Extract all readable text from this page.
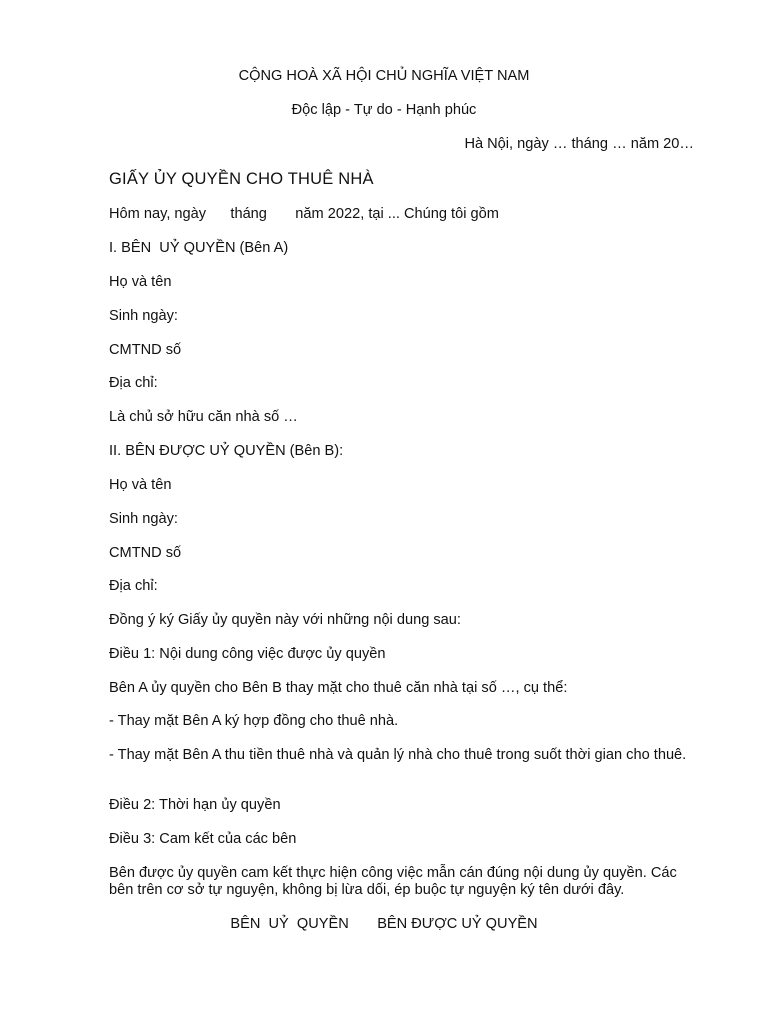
CỘNG HOÀ XÃ HỘI CHỦ NGHĨA VIỆT NAM
Độc lập - Tự do - Hạnh phúc
Hà Nội, ngày … tháng … năm 20…
GIẤY ỦY QUYỀN CHO THUÊ NHÀ
Hôm nay, ngày      tháng       năm 2022, tại ... Chúng tôi gồm
I. BÊN  UỶ QUYỀN (Bên A)
Họ và tên
Sinh ngày:
CMTND số
Địa chỉ:
Là chủ sở hữu căn nhà số …
II. BÊN ĐƯỢC UỶ QUYỀN (Bên B):
Họ và tên
Sinh ngày:
CMTND số
Địa chỉ:
Đồng ý ký Giấy ủy quyền này với những nội dung sau:
Điều 1: Nội dung công việc được ủy quyền
Bên A ủy quyền cho Bên B thay mặt cho thuê căn nhà tại số …, cụ thể:
- Thay mặt Bên A ký hợp đồng cho thuê nhà.
- Thay mặt Bên A thu tiền thuê nhà và quản lý nhà cho thuê trong suốt thời gian cho thuê.
Điều 2: Thời hạn ủy quyền
Điều 3: Cam kết của các bên
Bên được ủy quyền cam kết thực hiện công việc mẫn cán đúng nội dung ủy quyền. Các bên trên cơ sở tự nguyện, không bị lừa dối, ép buộc tự nguyện ký tên dưới đây.
BÊN  UỶ  QUYỀN BÊN ĐƯỢC UỶ QUYỀN
